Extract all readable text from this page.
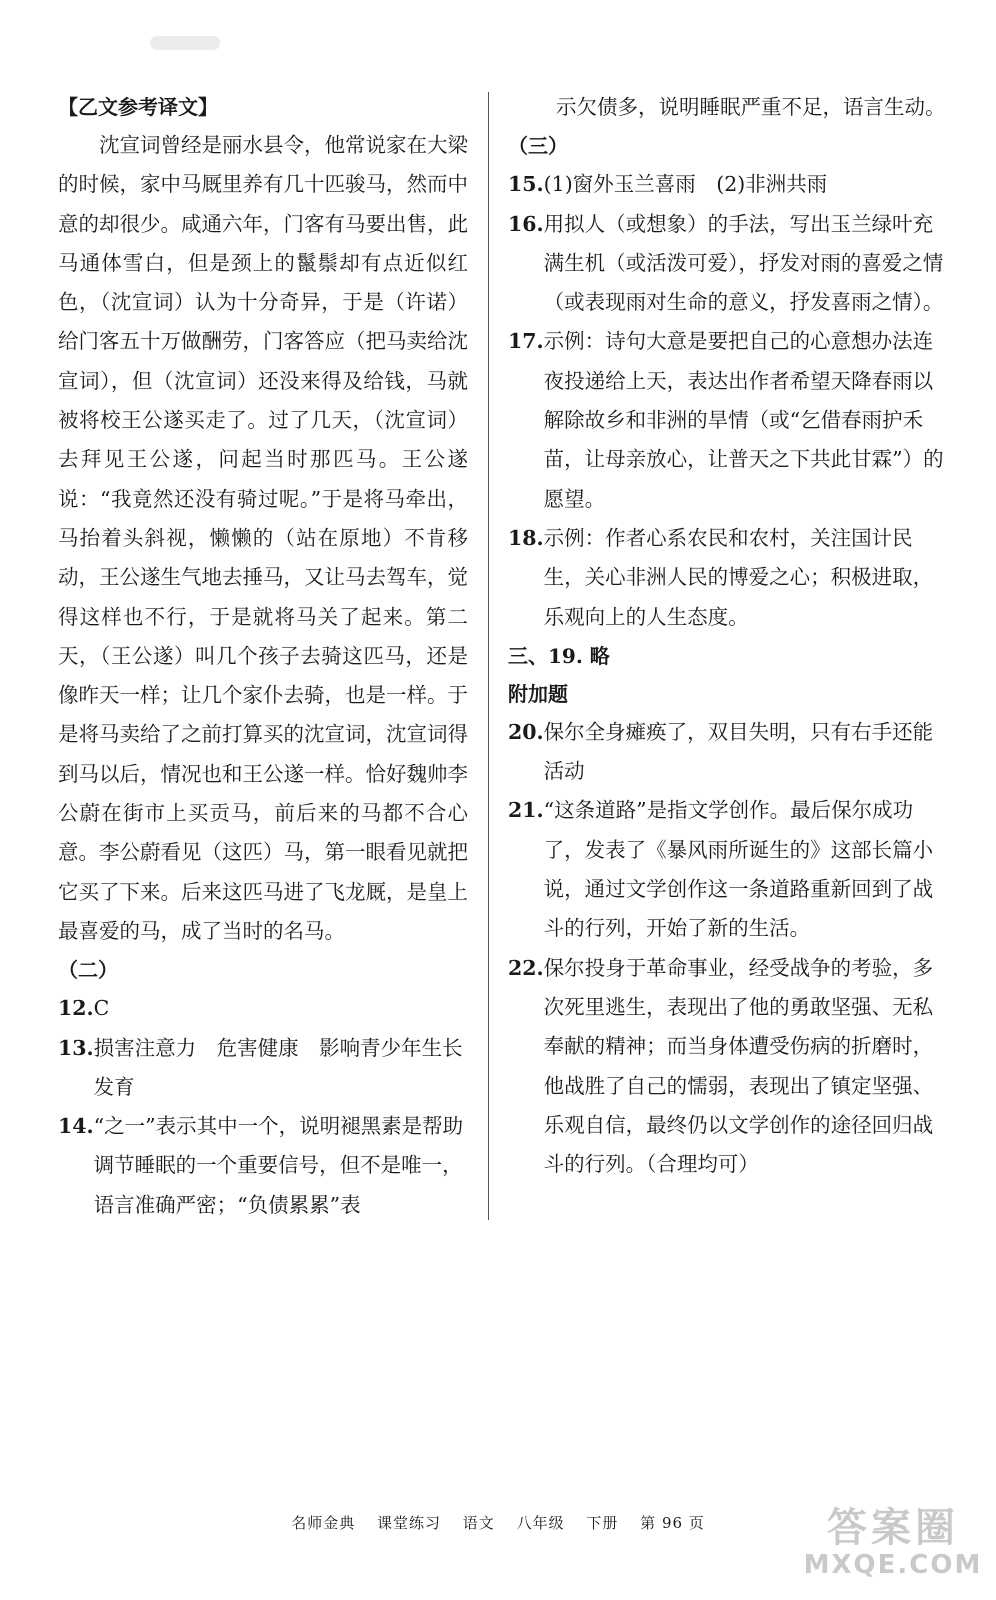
【乙文参考译文】

沈宣词曾经是丽水县令，他常说家在大梁的时候，家中马厩里养有几十匹骏马，然而中意的却很少。咸通六年，门客有马要出售，此马通体雪白，但是颈上的鬣鬃却有点近似红色，（沈宣词）认为十分奇异，于是（许诺）给门客五十万做酬劳，门客答应（把马卖给沈宣词），但（沈宣词）还没来得及给钱，马就被将校王公遂买走了。过了几天，（沈宣词）去拜见王公遂，问起当时那匹马。王公遂说：“我竟然还没有骑过呢。”于是将马牵出，马抬着头斜视，懒懒的（站在原地）不肯移动，王公遂生气地去捶马，又让马去驾车，觉得这样也不行，于是就将马关了起来。第二天，（王公遂）叫几个孩子去骑这匹马，还是像昨天一样；让几个家仆去骑，也是一样。于是将马卖给了之前打算买的沈宣词，沈宣词得到马以后，情况也和王公遂一样。恰好魏帅李公蔚在街市上买贡马，前后来的马都不合心意。李公蔚看见（这匹）马，第一眼看见就把它买了下来。后来这匹马进了飞龙厩，是皇上最喜爱的马，成了当时的名马。

（二）
12. C
13. 损害注意力　危害健康　影响青少年生长发育
14. “之一”表示其中一个，说明褪黑素是帮助调节睡眠的一个重要信号，但不是唯一，语言准确严密；“负债累累”表
示欠债多，说明睡眠严重不足，语言生动。
（三）
15. (1)窗外玉兰喜雨　(2)非洲共雨
16. 用拟人（或想象）的手法，写出玉兰绿叶充满生机（或活泼可爱），抒发对雨的喜爱之情（或表现雨对生命的意义，抒发喜雨之情）。
17. 示例：诗句大意是要把自己的心意想办法连夜投递给上天，表达出作者希望天降春雨以解除故乡和非洲的旱情（或“乞借春雨护禾苗，让母亲放心，让普天之下共此甘霖”）的愿望。
18. 示例：作者心系农民和农村，关注国计民生，关心非洲人民的博爱之心；积极进取，乐观向上的人生态度。
三、19. 略
附加题
20. 保尔全身瘫痪了，双目失明，只有右手还能活动
21. “这条道路”是指文学创作。最后保尔成功了，发表了《暴风雨所诞生的》这部长篇小说，通过文学创作这一条道路重新回到了战斗的行列，开始了新的生活。
22. 保尔投身于革命事业，经受战争的考验，多次死里逃生，表现出了他的勇敢坚强、无私奉献的精神；而当身体遭受伤病的折磨时，他战胜了自己的懦弱，表现出了镇定坚强、乐观自信，最终仍以文学创作的途径回归战斗的行列。（合理均可）
名师金典 课堂练习 语文 八年级 下册 第 96 页	答案圈
MXQE.COM
